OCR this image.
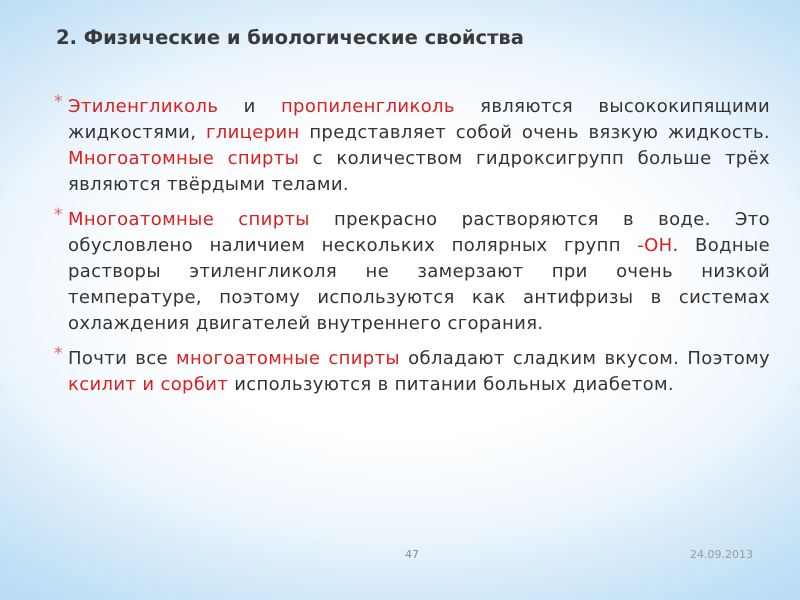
2. Физические и биологические свойства
* Этиленгликоль и пропиленгликоль являются высококипящими жидкостями, глицерин представляет собой очень вязкую жидкость. Многоатомные спирты с количеством гидроксигрупп больше трёх являются твёрдыми телами.
* Многоатомные спирты прекрасно растворяются в воде. Это обусловлено наличием нескольких полярных групп -ОН. Водные растворы этиленгликоля не замерзают при очень низкой температуре, поэтому используются как антифризы в системах охлаждения двигателей внутреннего сгорания.
* Почти все многоатомные спирты обладают сладким вкусом. Поэтому ксилит и сорбит используются в питании больных диабетом.
47	24.09.2013
